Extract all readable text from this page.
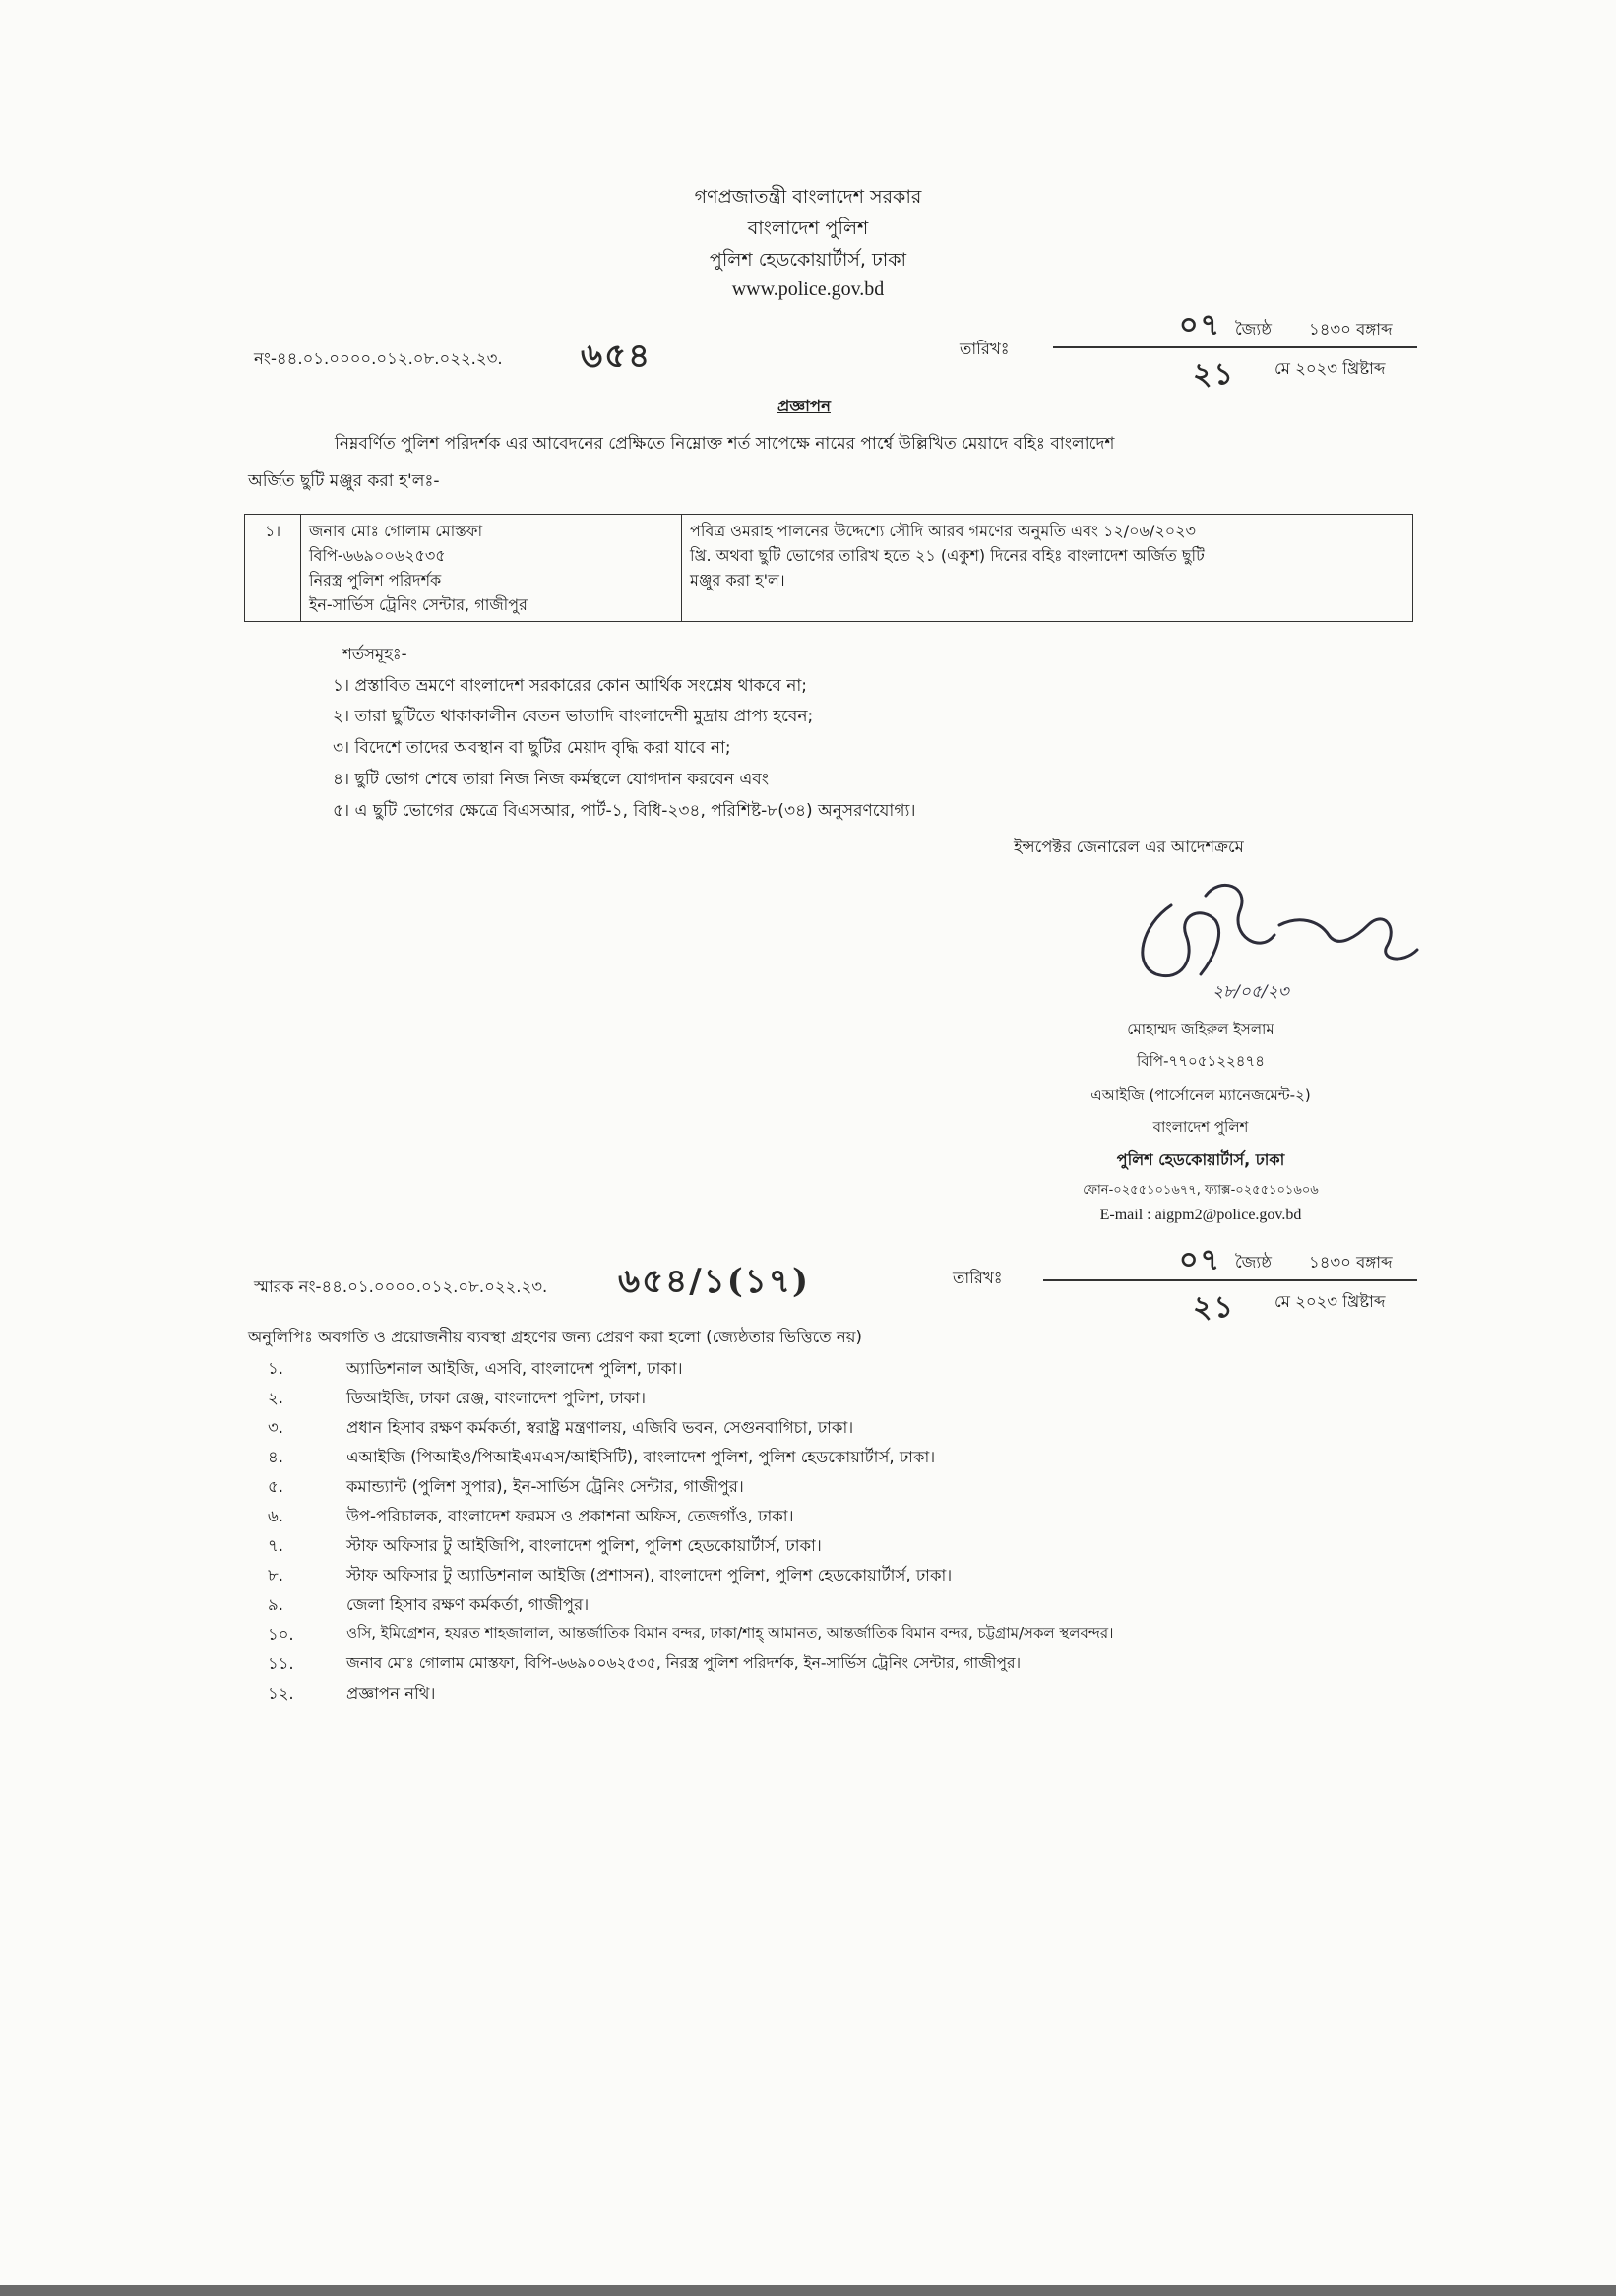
গণপ্রজাতন্ত্রী বাংলাদেশ সরকার
বাংলাদেশ পুলিশ
পুলিশ হেডকোয়ার্টার্স, ঢাকা
www.police.gov.bd
নং-৪৪.০১.০০০০.০১২.০৮.০২২.২৩. ৬৫৪	তারিখঃ
০৭ জ্যৈষ্ঠ ১৪৩০ বঙ্গাব্দ
২১ মে ২০২৩ খ্রিষ্টাব্দ
প্রজ্ঞাপন
নিম্নবর্ণিত পুলিশ পরিদর্শক এর আবেদনের প্রেক্ষিতে নিম্নোক্ত শর্ত সাপেক্ষে নামের পার্শ্বে উল্লিখিত মেয়াদে বহিঃ বাংলাদেশ
অর্জিত ছুটি মঞ্জুর করা হ'লঃ-
১।	জনাব মোঃ গোলাম মোস্তফা
বিপি-৬৬৯০০৬২৫৩৫
নিরস্ত্র পুলিশ পরিদর্শক
ইন-সার্ভিস ট্রেনিং সেন্টার, গাজীপুর

পবিত্র ওমরাহ পালনের উদ্দেশ্যে সৌদি আরব গমণের অনুমতি এবং ১২/০৬/২০২৩
খ্রি. অথবা ছুটি ভোগের তারিখ হতে ২১ (একুশ) দিনের বহিঃ বাংলাদেশ অর্জিত ছুটি
মঞ্জুর করা হ'ল।
শর্তসমূহঃ-
১। প্রস্তাবিত ভ্রমণে বাংলাদেশ সরকারের কোন আর্থিক সংশ্লেষ থাকবে না;
২। তারা ছুটিতে থাকাকালীন বেতন ভাতাদি বাংলাদেশী মুদ্রায় প্রাপ্য হবেন;
৩। বিদেশে তাদের অবস্থান বা ছুটির মেয়াদ বৃদ্ধি করা যাবে না;
৪। ছুটি ভোগ শেষে তারা নিজ নিজ কর্মস্থলে যোগদান করবেন এবং
৫। এ ছুটি ভোগের ক্ষেত্রে বিএসআর, পার্ট-১, বিধি-২৩৪, পরিশিষ্ট-৮(৩৪) অনুসরণযোগ্য।
ইন্সপেক্টর জেনারেল এর আদেশক্রমে
২৮/০৫/২৩
মোহাম্মদ জহিরুল ইসলাম
বিপি-৭৭০৫১২২৪৭৪
এআইজি (পার্সোনেল ম্যানেজমেন্ট-২)
বাংলাদেশ পুলিশ
পুলিশ হেডকোয়ার্টার্স, ঢাকা
ফোন-০২৫৫১০১৬৭৭, ফ্যাক্স-০২৫৫১০১৬০৬
E-mail : aigpm2@police.gov.bd
স্মারক নং-৪৪.০১.০০০০.০১২.০৮.০২২.২৩. ৬৫৪/১(১৭)	তারিখঃ
০৭ জ্যৈষ্ঠ ১৪৩০ বঙ্গাব্দ
২১ মে ২০২৩ খ্রিষ্টাব্দ
অনুলিপিঃ অবগতি ও প্রয়োজনীয় ব্যবস্থা গ্রহণের জন্য প্রেরণ করা হলো (জ্যেষ্ঠতার ভিত্তিতে নয়)
১.	অ্যাডিশনাল আইজি, এসবি, বাংলাদেশ পুলিশ, ঢাকা।
২.	ডিআইজি, ঢাকা রেঞ্জ, বাংলাদেশ পুলিশ, ঢাকা।
৩.	প্রধান হিসাব রক্ষণ কর্মকর্তা, স্বরাষ্ট্র মন্ত্রণালয়, এজিবি ভবন, সেগুনবাগিচা, ঢাকা।
৪.	এআইজি (পিআইও/পিআইএমএস/আইসিটি), বাংলাদেশ পুলিশ, পুলিশ হেডকোয়ার্টার্স, ঢাকা।
৫.	কমান্ড্যান্ট (পুলিশ সুপার), ইন-সার্ভিস ট্রেনিং সেন্টার, গাজীপুর।
৬.	উপ-পরিচালক, বাংলাদেশ ফরমস ও প্রকাশনা অফিস, তেজগাঁও, ঢাকা।
৭.	স্টাফ অফিসার টু আইজিপি, বাংলাদেশ পুলিশ, পুলিশ হেডকোয়ার্টার্স, ঢাকা।
৮.	স্টাফ অফিসার টু অ্যাডিশনাল আইজি (প্রশাসন), বাংলাদেশ পুলিশ, পুলিশ হেডকোয়ার্টার্স, ঢাকা।
৯.	জেলা হিসাব রক্ষণ কর্মকর্তা, গাজীপুর।
১০.	ওসি, ইমিগ্রেশন, হযরত শাহজালাল, আন্তর্জাতিক বিমান বন্দর, ঢাকা/শাহ্ আমানত, আন্তর্জাতিক বিমান বন্দর, চট্টগ্রাম/সকল স্থলবন্দর।
১১.	জনাব মোঃ গোলাম মোস্তফা, বিপি-৬৬৯০০৬২৫৩৫, নিরস্ত্র পুলিশ পরিদর্শক, ইন-সার্ভিস ট্রেনিং সেন্টার, গাজীপুর।
১২.	প্রজ্ঞাপন নথি।
